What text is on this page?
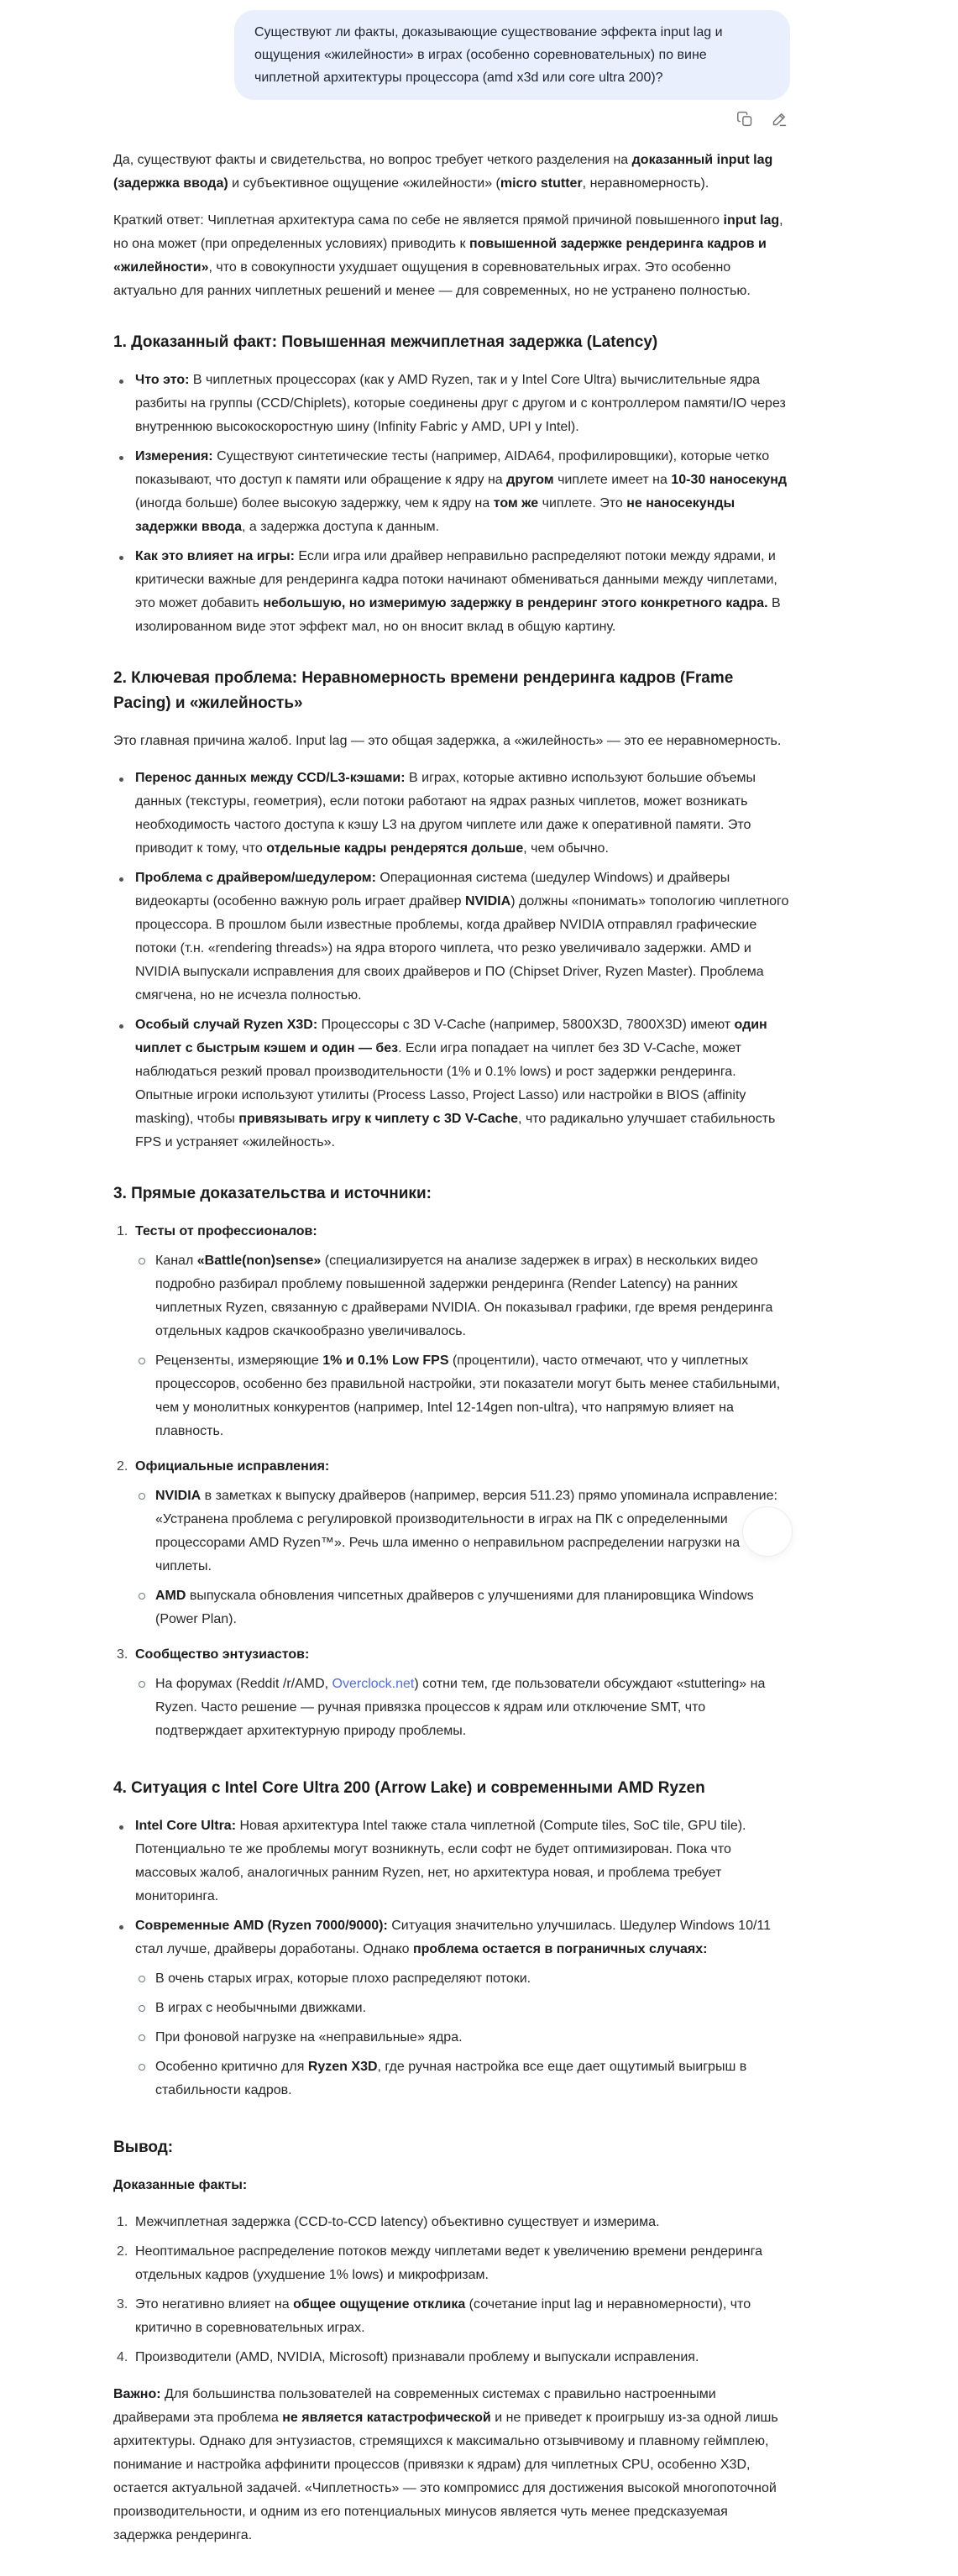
Существуют ли факты, доказывающие существование эффекта input lag и ощущения «жилейности» в играх (особенно соревновательных) по вине чиплетной архитектуры процессора (amd x3d или core ultra 200)?
Да, существуют факты и свидетельства, но вопрос требует четкого разделения на доказанный input lag (задержка ввода) и субъективное ощущение «жилейности» (micro stutter, неравномерность).
Краткий ответ: Чиплетная архитектура сама по себе не является прямой причиной повышенного input lag, но она может (при определенных условиях) приводить к повышенной задержке рендеринга кадров и «жилейности», что в совокупности ухудшает ощущения в соревновательных играх. Это особенно актуально для ранних чиплетных решений и менее — для современных, но не устранено полностью.
1. Доказанный факт: Повышенная межчиплетная задержка (Latency)
Что это: В чиплетных процессорах (как у AMD Ryzen, так и у Intel Core Ultra) вычислительные ядра разбиты на группы (CCD/Chiplets), которые соединены друг с другом и с контроллером памяти/IO через внутреннюю высокоскоростную шину (Infinity Fabric у AMD, UPI у Intel).
Измерения: Существуют синтетические тесты (например, AIDA64, профилировщики), которые четко показывают, что доступ к памяти или обращение к ядру на другом чиплете имеет на 10-30 наносекунд (иногда больше) более высокую задержку, чем к ядру на том же чиплете. Это не наносекунды задержки ввода, а задержка доступа к данным.
Как это влияет на игры: Если игра или драйвер неправильно распределяют потоки между ядрами, и критически важные для рендеринга кадра потоки начинают обмениваться данными между чиплетами, это может добавить небольшую, но измеримую задержку в рендеринг этого конкретного кадра. В изолированном виде этот эффект мал, но он вносит вклад в общую картину.
2. Ключевая проблема: Неравномерность времени рендеринга кадров (Frame Pacing) и «жилейность»
Это главная причина жалоб. Input lag — это общая задержка, а «жилейность» — это ее неравномерность.
Перенос данных между CCD/L3-кэшами: В играх, которые активно используют большие объемы данных (текстуры, геометрия), если потоки работают на ядрах разных чиплетов, может возникать необходимость частого доступа к кэшу L3 на другом чиплете или даже к оперативной памяти. Это приводит к тому, что отдельные кадры рендерятся дольше, чем обычно.
Проблема с драйвером/шедулером: Операционная система (шедулер Windows) и драйверы видеокарты (особенно важную роль играет драйвер NVIDIA) должны «понимать» топологию чиплетного процессора. В прошлом были известные проблемы, когда драйвер NVIDIA отправлял графические потоки (т.н. «rendering threads») на ядра второго чиплета, что резко увеличивало задержки. AMD и NVIDIA выпускали исправления для своих драйверов и ПО (Chipset Driver, Ryzen Master). Проблема смягчена, но не исчезла полностью.
Особый случай Ryzen X3D: Процессоры с 3D V-Cache (например, 5800X3D, 7800X3D) имеют один чиплет с быстрым кэшем и один — без. Если игра попадает на чиплет без 3D V-Cache, может наблюдаться резкий провал производительности (1% и 0.1% lows) и рост задержки рендеринга. Опытные игроки используют утилиты (Process Lasso, Project Lasso) или настройки в BIOS (affinity masking), чтобы привязывать игру к чиплету с 3D V-Cache, что радикально улучшает стабильность FPS и устраняет «жилейность».
3. Прямые доказательства и источники:
1. Тесты от профессионалов:
Канал «Battle(non)sense» (специализируется на анализе задержек в играх) в нескольких видео подробно разбирал проблему повышенной задержки рендеринга (Render Latency) на ранних чиплетных Ryzen, связанную с драйверами NVIDIA. Он показывал графики, где время рендеринга отдельных кадров скачкообразно увеличивалось.
Рецензенты, измеряющие 1% и 0.1% Low FPS (процентили), часто отмечают, что у чиплетных процессоров, особенно без правильной настройки, эти показатели могут быть менее стабильными, чем у монолитных конкурентов (например, Intel 12-14gen non-ultra), что напрямую влияет на плавность.
2. Официальные исправления:
NVIDIA в заметках к выпуску драйверов (например, версия 511.23) прямо упоминала исправление: «Устранена проблема с регулировкой производительности в играх на ПК с определенными процессорами AMD Ryzen™». Речь шла именно о неправильном распределении нагрузки на чиплеты.
AMD выпускала обновления чипсетных драйверов с улучшениями для планировщика Windows (Power Plan).
3. Сообщество энтузиастов:
На форумах (Reddit /r/AMD, Overclock.net) сотни тем, где пользователи обсуждают «stuttering» на Ryzen. Часто решение — ручная привязка процессов к ядрам или отключение SMT, что подтверждает архитектурную природу проблемы.
4. Ситуация с Intel Core Ultra 200 (Arrow Lake) и современными AMD Ryzen
Intel Core Ultra: Новая архитектура Intel также стала чиплетной (Compute tiles, SoC tile, GPU tile). Потенциально те же проблемы могут возникнуть, если софт не будет оптимизирован. Пока что массовых жалоб, аналогичных ранним Ryzen, нет, но архитектура новая, и проблема требует мониторинга.
Современные AMD (Ryzen 7000/9000): Ситуация значительно улучшилась. Шедулер Windows 10/11 стал лучше, драйверы доработаны. Однако проблема остается в пограничных случаях:
В очень старых играх, которые плохо распределяют потоки.
В играх с необычными движками.
При фоновой нагрузке на «неправильные» ядра.
Особенно критично для Ryzen X3D, где ручная настройка все еще дает ощутимый выигрыш в стабильности кадров.
Вывод:
Доказанные факты:
1. Межчиплетная задержка (CCD-to-CCD latency) объективно существует и измерима.
2. Неоптимальное распределение потоков между чиплетами ведет к увеличению времени рендеринга отдельных кадров (ухудшение 1% lows) и микрофризам.
3. Это негативно влияет на общее ощущение отклика (сочетание input lag и неравномерности), что критично в соревновательных играх.
4. Производители (AMD, NVIDIA, Microsoft) признавали проблему и выпускали исправления.
Важно: Для большинства пользователей на современных системах с правильно настроенными драйверами эта проблема не является катастрофической и не приведет к проигрышу из-за одной лишь архитектуры. Однако для энтузиастов, стремящихся к максимально отзывчивому и плавному геймплею, понимание и настройка аффинити процессов (привязки к ядрам) для чиплетных CPU, особенно X3D, остается актуальной задачей. «Чиплетность» — это компромисс для достижения высокой многопоточной производительности, и одним из его потенциальных минусов является чуть менее предсказуемая задержка рендеринга.
